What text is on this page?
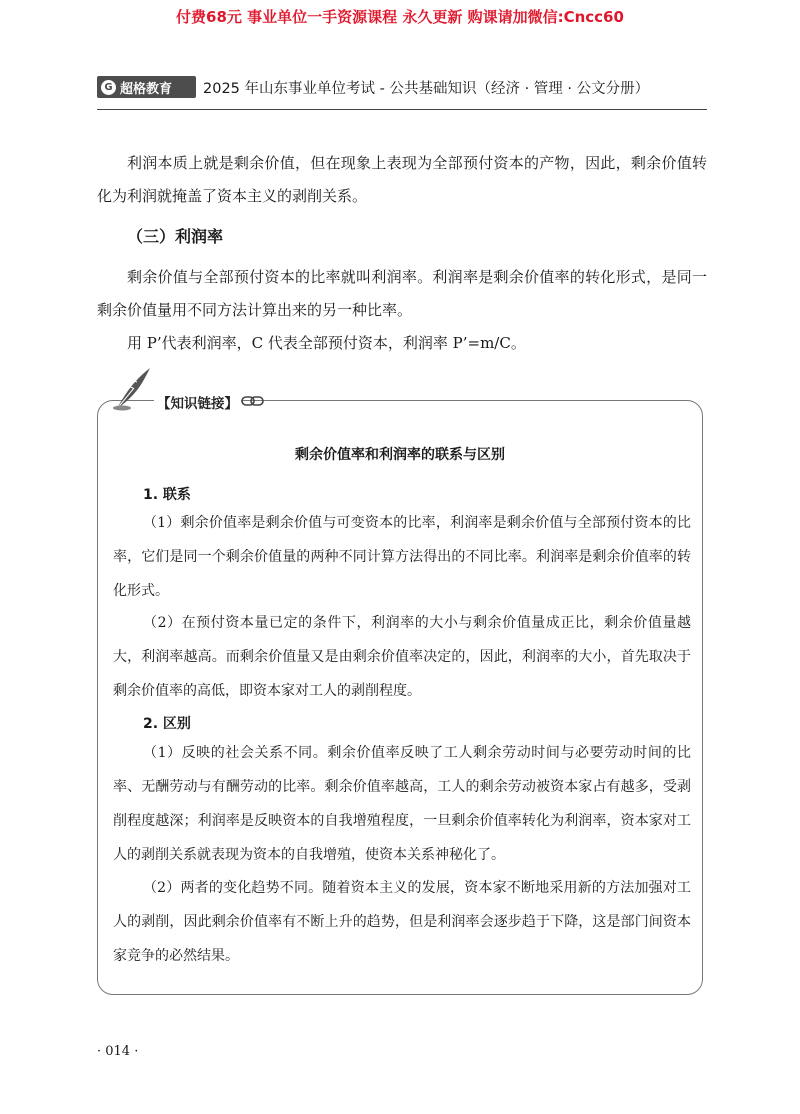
付费68元 事业单位一手资源课程 永久更新 购课请加微信:Cncc60
G 超格教育 2025 年山东事业单位考试 - 公共基础知识（经济 · 管理 · 公文分册）

利润本质上就是剩余价值，但在现象上表现为全部预付资本的产物，因此，剩余价值转化为利润就掩盖了资本主义的剥削关系。

（三）利润率

剩余价值与全部预付资本的比率就叫利润率。利润率是剩余价值率的转化形式，是同一剩余价值量用不同方法计算出来的另一种比率。

用 P’代表利润率，C 代表全部预付资本，利润率 P’=m/C。

【知识链接】
剩余价值率和利润率的联系与区别
1. 联系

（1）剩余价值率是剩余价值与可变资本的比率，利润率是剩余价值与全部预付资本的比率，它们是同一个剩余价值量的两种不同计算方法得出的不同比率。利润率是剩余价值率的转化形式。

（2）在预付资本量已定的条件下，利润率的大小与剩余价值量成正比，剩余价值量越大，利润率越高。而剩余价值量又是由剩余价值率决定的，因此，利润率的大小，首先取决于剩余价值率的高低，即资本家对工人的剥削程度。

2. 区别

（1）反映的社会关系不同。剩余价值率反映了工人剩余劳动时间与必要劳动时间的比率、无酬劳动与有酬劳动的比率。剩余价值率越高，工人的剩余劳动被资本家占有越多，受剥削程度越深；利润率是反映资本的自我增殖程度，一旦剩余价值率转化为利润率，资本家对工人的剥削关系就表现为资本的自我增殖，使资本关系神秘化了。

（2）两者的变化趋势不同。随着资本主义的发展，资本家不断地采用新的方法加强对工人的剥削，因此剩余价值率有不断上升的趋势，但是利润率会逐步趋于下降，这是部门间资本家竞争的必然结果。

· 014 ·
